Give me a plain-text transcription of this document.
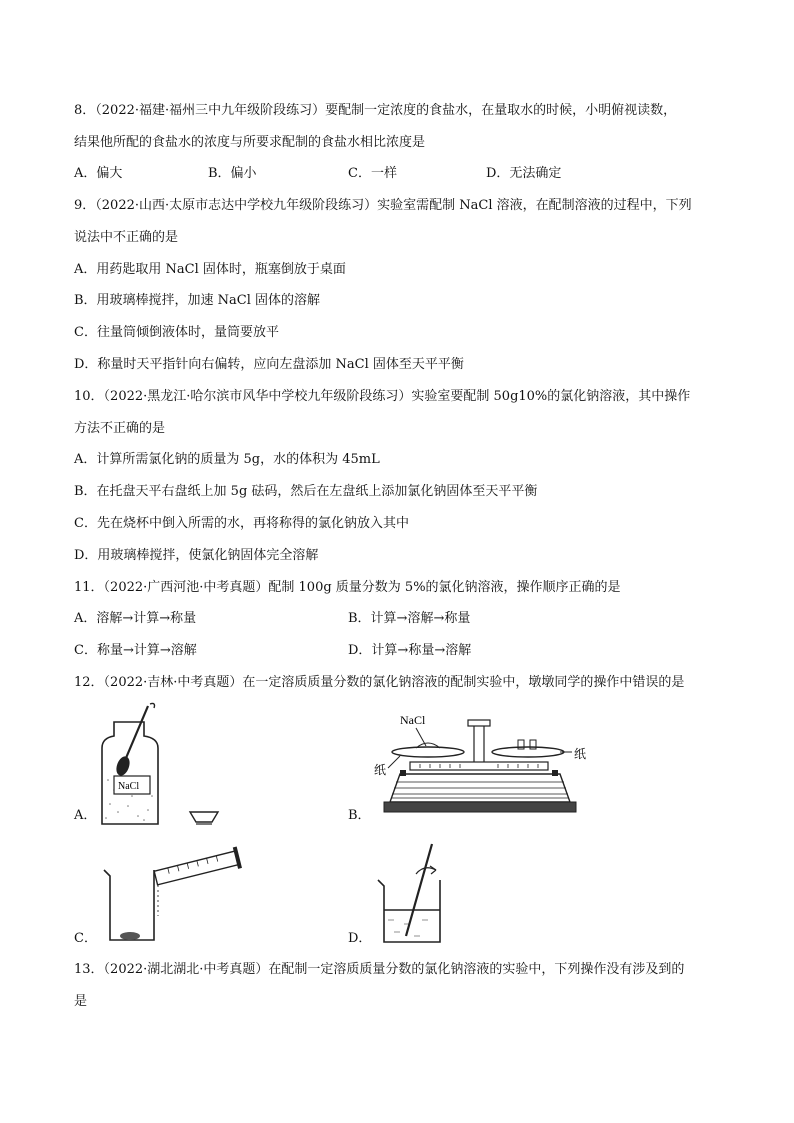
8．（2022·福建·福州三中九年级阶段练习）要配制一定浓度的食盐水，在量取水的时候，小明俯视读数，
结果他所配的食盐水的浓度与所要求配制的食盐水相比浓度是
A．偏大	B．偏小	C．一样	D．无法确定
9．（2022·山西·太原市志达中学校九年级阶段练习）实验室需配制 NaCl 溶液，在配制溶液的过程中，下列
说法中不正确的是
A．用药匙取用 NaCl 固体时，瓶塞倒放于桌面
B．用玻璃棒搅拌，加速 NaCl 固体的溶解
C．往量筒倾倒液体时，量筒要放平
D．称量时天平指针向右偏转，应向左盘添加 NaCl 固体至天平平衡
10．（2022·黑龙江·哈尔滨市风华中学校九年级阶段练习）实验室要配制 50g10%的氯化钠溶液，其中操作
方法不正确的是
A．计算所需氯化钠的质量为 5g，水的体积为 45mL
B．在托盘天平右盘纸上加 5g 砝码，然后在左盘纸上添加氯化钠固体至天平平衡
C．先在烧杯中倒入所需的水，再将称得的氯化钠放入其中
D．用玻璃棒搅拌，使氯化钠固体完全溶解
11．（2022·广西河池·中考真题）配制 100g 质量分数为 5%的氯化钠溶液，操作顺序正确的是
A．溶解→计算→称量	B．计算→溶解→称量
C．称量→计算→溶解	D．计算→称量→溶解
12．（2022·吉林·中考真题）在一定溶质质量分数的氯化钠溶液的配制实验中，墩墩同学的操作中错误的是
NaCl
A．
NaCl
纸
纸
B．
C．	D．
13．（2022·湖北湖北·中考真题）在配制一定溶质质量分数的氯化钠溶液的实验中，下列操作没有涉及到的
是
